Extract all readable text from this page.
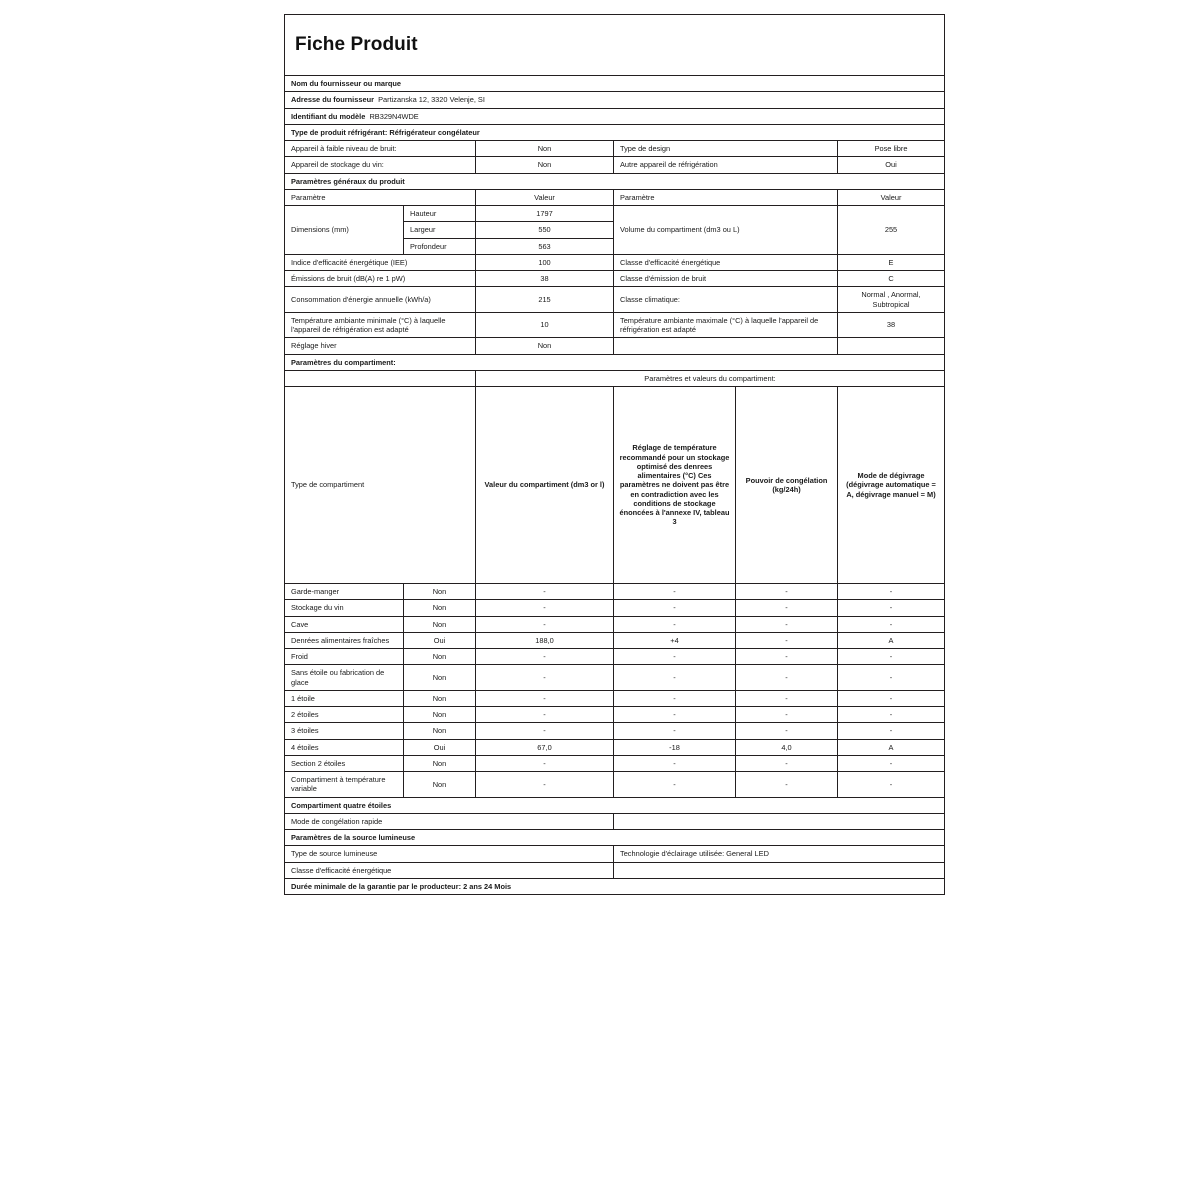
Fiche Produit					
Nom du fournisseur ou marque					
Adresse du fournisseur Partizanska 12, 3320 Velenje, SI					
Identifiant du modèle RB329N4WDE					
Type de produit réfrigérant: Réfrigérateur congélateur					
Appareil à faible niveau de bruit:		Non	Type de design		Pose libre
Appareil de stockage du vin:		Non	Autre appareil de réfrigération		Oui
Paramètres généraux du produit					
Paramètre		Valeur	Paramètre		Valeur
Dimensions (mm)	Hauteur	1797	Volume du compartiment (dm3 ou L)		255
	Largeur	550			
	Profondeur	563			
Indice d'efficacité énergétique (IEE)		100	Classe d'efficacité énergétique		E
Émissions de bruit (dB(A) re 1 pW)		38	Classe d'émission de bruit		C
Consommation d'énergie annuelle (kWh/a)		215	Classe climatique:		Normal , Anormal, Subtropical
Température ambiante minimale (°C) à laquelle l'appareil de réfrigération est adapté		10	Température ambiante maximale (°C) à laquelle l'appareil de réfrigération est adapté		38
Réglage hiver		Non			
Paramètres du compartiment:					
		Paramètres et valeurs du compartiment:			
Type de compartiment		Valeur du compartiment (dm3 or l)	Réglage de température recommandé pour un stockage optimisé des denrees alimentaires (°C) Ces paramètres ne doivent pas être en contradiction avec les conditions de stockage énoncées à l'annexe IV, tableau 3	Pouvoir de congélation (kg/24h)	Mode de dégivrage (dégivrage automatique = A, dégivrage manuel = M)
Garde-manger	Non	-	-	-	-
Stockage du vin	Non	-	-	-	-
Cave	Non	-	-	-	-
Denrées alimentaires fraîches	Oui	188,0	+4	-	A
Froid	Non	-	-	-	-
Sans étoile ou fabrication de glace	Non	-	-	-	-
1 étoile	Non	-	-	-	-
2 étoiles	Non	-	-	-	-
3 étoiles	Non	-	-	-	-
4 étoiles	Oui	67,0	-18	4,0	A
Section 2 étoiles	Non	-	-	-	-
Compartiment à température variable	Non	-	-	-	-
Compartiment quatre étoiles					
Mode de congélation rapide					
Paramètres de la source lumineuse					
Type de source lumineuse			Technologie d'éclairage utilisée: General LED		
Classe d'efficacité énergétique					
Durée minimale de la garantie par le producteur: 2 ans 24 Mois					
